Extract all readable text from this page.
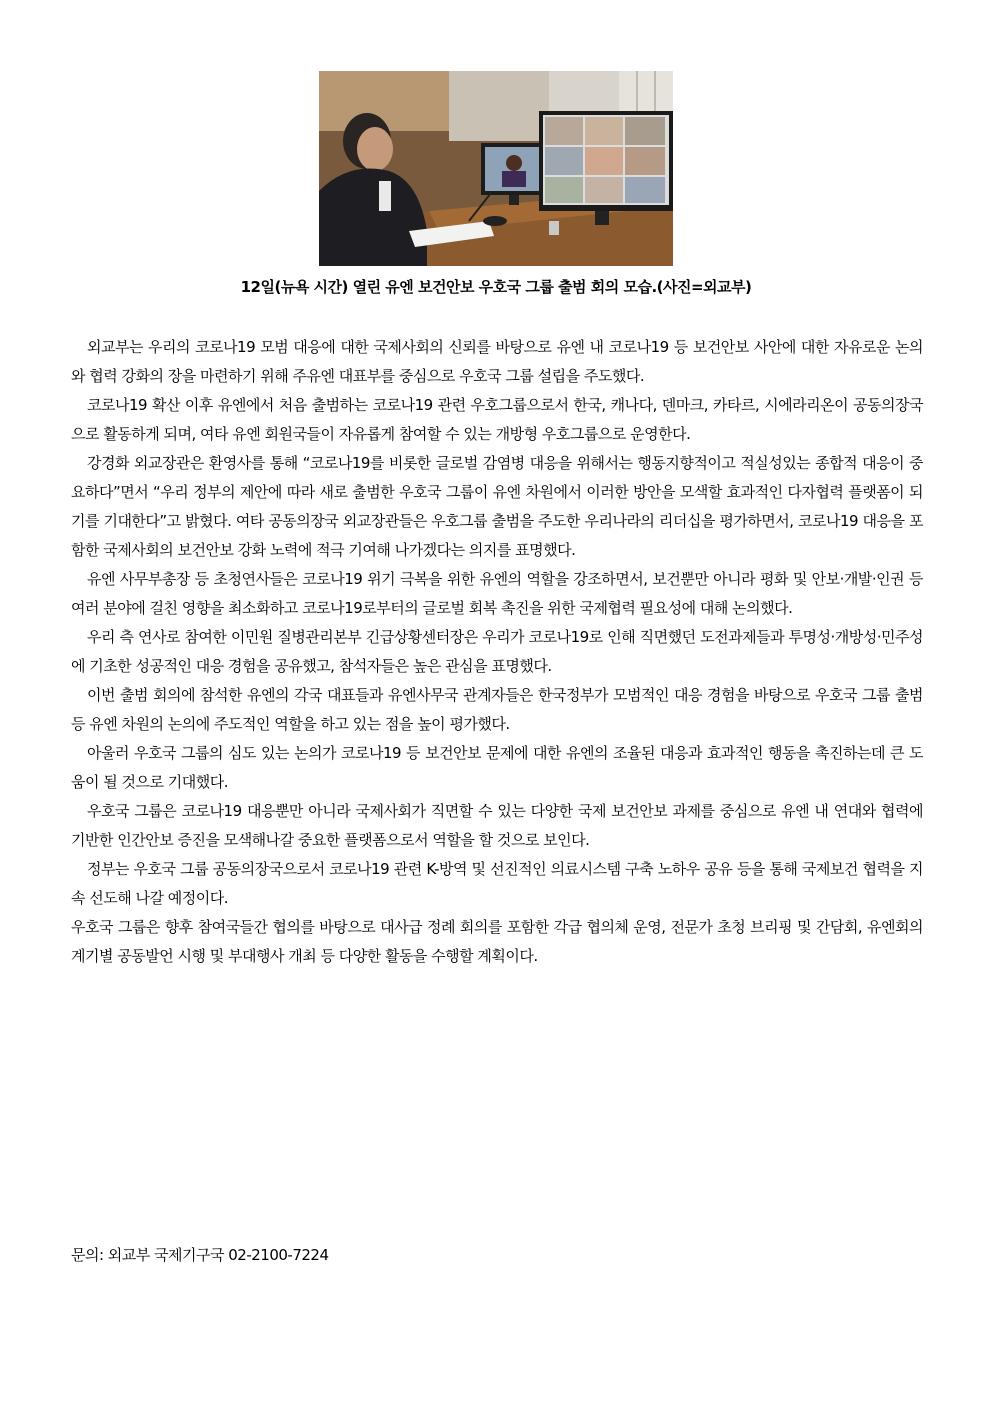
12일(뉴욕 시간) 열린 유엔 보건안보 우호국 그룹 출범 회의 모습.(사진=외교부)

외교부는 우리의 코로나19 모범 대응에 대한 국제사회의 신뢰를 바탕으로 유엔 내 코로나19 등 보건안보 사안에 대한 자유로운 논의와 협력 강화의 장을 마련하기 위해 주유엔 대표부를 중심으로 우호국 그룹 설립을 주도했다.

코로나19 확산 이후 유엔에서 처음 출범하는 코로나19 관련 우호그룹으로서 한국, 캐나다, 덴마크, 카타르, 시에라리온이 공동의장국으로 활동하게 되며, 여타 유엔 회원국들이 자유롭게 참여할 수 있는 개방형 우호그룹으로 운영한다.

강경화 외교장관은 환영사를 통해 “코로나19를 비롯한 글로벌 감염병 대응을 위해서는 행동지향적이고 적실성있는 종합적 대응이 중요하다”면서 “우리 정부의 제안에 따라 새로 출범한 우호국 그룹이 유엔 차원에서 이러한 방안을 모색할 효과적인 다자협력 플랫폼이 되기를 기대한다”고 밝혔다. 여타 공동의장국 외교장관들은 우호그룹 출범을 주도한 우리나라의 리더십을 평가하면서, 코로나19 대응을 포함한 국제사회의 보건안보 강화 노력에 적극 기여해 나가겠다는 의지를 표명했다.

유엔 사무부총장 등 초청연사들은 코로나19 위기 극복을 위한 유엔의 역할을 강조하면서, 보건뿐만 아니라 평화 및 안보·개발·인권 등 여러 분야에 걸친 영향을 최소화하고 코로나19로부터의 글로벌 회복 촉진을 위한 국제협력 필요성에 대해 논의했다.

우리 측 연사로 참여한 이민원 질병관리본부 긴급상황센터장은 우리가 코로나19로 인해 직면했던 도전과제들과 투명성·개방성·민주성에 기초한 성공적인 대응 경험을 공유했고, 참석자들은 높은 관심을 표명했다.

이번 출범 회의에 참석한 유엔의 각국 대표들과 유엔사무국 관계자들은 한국정부가 모범적인 대응 경험을 바탕으로 우호국 그룹 출범 등 유엔 차원의 논의에 주도적인 역할을 하고 있는 점을 높이 평가했다.

아울러 우호국 그룹의 심도 있는 논의가 코로나19 등 보건안보 문제에 대한 유엔의 조율된 대응과 효과적인 행동을 촉진하는데 큰 도움이 될 것으로 기대했다.

우호국 그룹은 코로나19 대응뿐만 아니라 국제사회가 직면할 수 있는 다양한 국제 보건안보 과제를 중심으로 유엔 내 연대와 협력에 기반한 인간안보 증진을 모색해나갈 중요한 플랫폼으로서 역할을 할 것으로 보인다.

정부는 우호국 그룹 공동의장국으로서 코로나19 관련 K-방역 및 선진적인 의료시스템 구축 노하우 공유 등을 통해 국제보건 협력을 지속 선도해 나갈 예정이다.

우호국 그룹은 향후 참여국들간 협의를 바탕으로 대사급 정례 회의를 포함한 각급 협의체 운영, 전문가 초청 브리핑 및 간담회, 유엔회의 계기별 공동발언 시행 및 부대행사 개최 등 다양한 활동을 수행할 계획이다.

문의: 외교부 국제기구국 02-2100-7224
